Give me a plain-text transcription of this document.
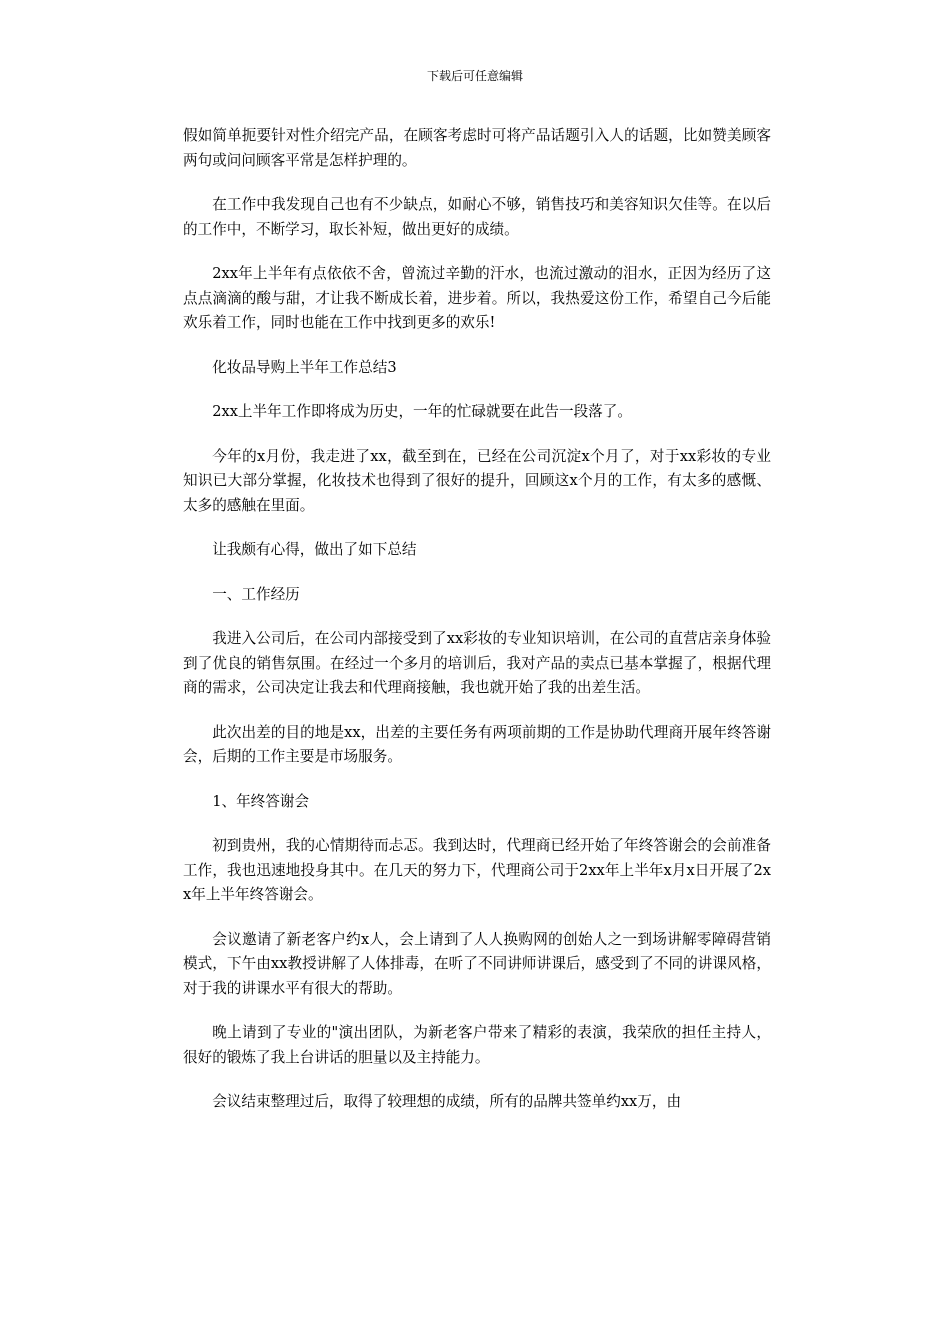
下载后可任意编辑

假如简单扼要针对性介绍完产品，在顾客考虑时可将产品话题引入人的话题，比如赞美顾客两句或问问顾客平常是怎样护理的。

在工作中我发现自己也有不少缺点，如耐心不够，销售技巧和美容知识欠佳等。在以后的工作中，不断学习，取长补短，做出更好的成绩。

2xx年上半年有点依依不舍，曾流过辛勤的汗水，也流过激动的泪水，正因为经历了这点点滴滴的酸与甜，才让我不断成长着，进步着。所以，我热爱这份工作，希望自己今后能欢乐着工作，同时也能在工作中找到更多的欢乐!

化妆品导购上半年工作总结3

2xx上半年工作即将成为历史，一年的忙碌就要在此告一段落了。

今年的x月份，我走进了xx，截至到在，已经在公司沉淀x个月了，对于xx彩妆的专业知识已大部分掌握，化妆技术也得到了很好的提升，回顾这x个月的工作，有太多的感慨、太多的感触在里面。

让我颇有心得，做出了如下总结

一、工作经历

我进入公司后，在公司内部接受到了xx彩妆的专业知识培训，在公司的直营店亲身体验到了优良的销售氛围。在经过一个多月的培训后，我对产品的卖点已基本掌握了，根据代理商的需求，公司决定让我去和代理商接触，我也就开始了我的出差生活。

此次出差的目的地是xx，出差的主要任务有两项前期的工作是协助代理商开展年终答谢会，后期的工作主要是市场服务。

1、年终答谢会

初到贵州，我的心情期待而忐忑。我到达时，代理商已经开始了年终答谢会的会前准备工作，我也迅速地投身其中。在几天的努力下，代理商公司于2xx年上半年x月x日开展了2xx年上半年终答谢会。

会议邀请了新老客户约x人，会上请到了人人换购网的创始人之一到场讲解零障碍营销模式，下午由xx教授讲解了人体排毒，在听了不同讲师讲课后，感受到了不同的讲课风格，对于我的讲课水平有很大的帮助。

晚上请到了专业的"演出团队，为新老客户带来了精彩的表演，我荣欣的担任主持人，很好的锻炼了我上台讲话的胆量以及主持能力。

会议结束整理过后，取得了较理想的成绩，所有的品牌共签单约xx万，由
